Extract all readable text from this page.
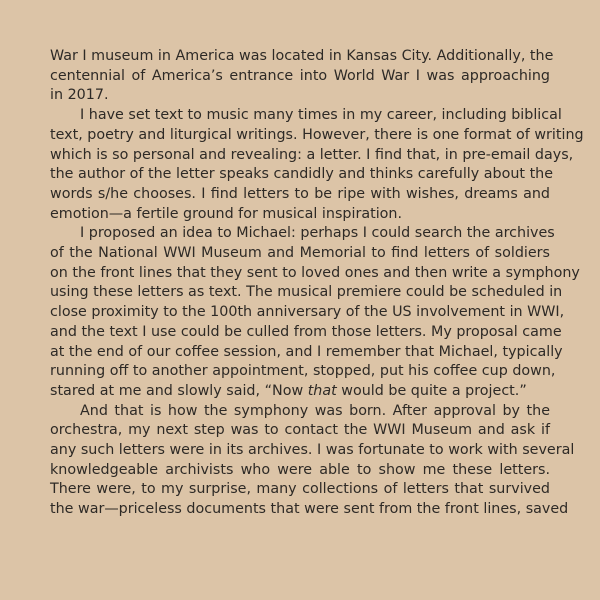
War I museum in America was located in Kansas City. Additionally, the
centennial of America’s entrance into World War I was approaching
in 2017.
I have set text to music many times in my career, including biblical
text, poetry and liturgical writings. However, there is one format of writing
which is so personal and revealing: a letter. I find that, in pre-email days,
the author of the letter speaks candidly and thinks carefully about the
words s/he chooses. I find letters to be ripe with wishes, dreams and
emotion—a fertile ground for musical inspiration.
I proposed an idea to Michael: perhaps I could search the archives
of the National WWI Museum and Memorial to find letters of soldiers
on the front lines that they sent to loved ones and then write a symphony
using these letters as text. The musical premiere could be scheduled in
close proximity to the 100th anniversary of the US involvement in WWI,
and the text I use could be culled from those letters. My proposal came
at the end of our coffee session, and I remember that Michael, typically
running off to another appointment, stopped, put his coffee cup down,
stared at me and slowly said, “Now that would be quite a project.”
And that is how the symphony was born. After approval by the
orchestra, my next step was to contact the WWI Museum and ask if
any such letters were in its archives. I was fortunate to work with several
knowledgeable archivists who were able to show me these letters.
There were, to my surprise, many collections of letters that survived
the war—priceless documents that were sent from the front lines, saved
